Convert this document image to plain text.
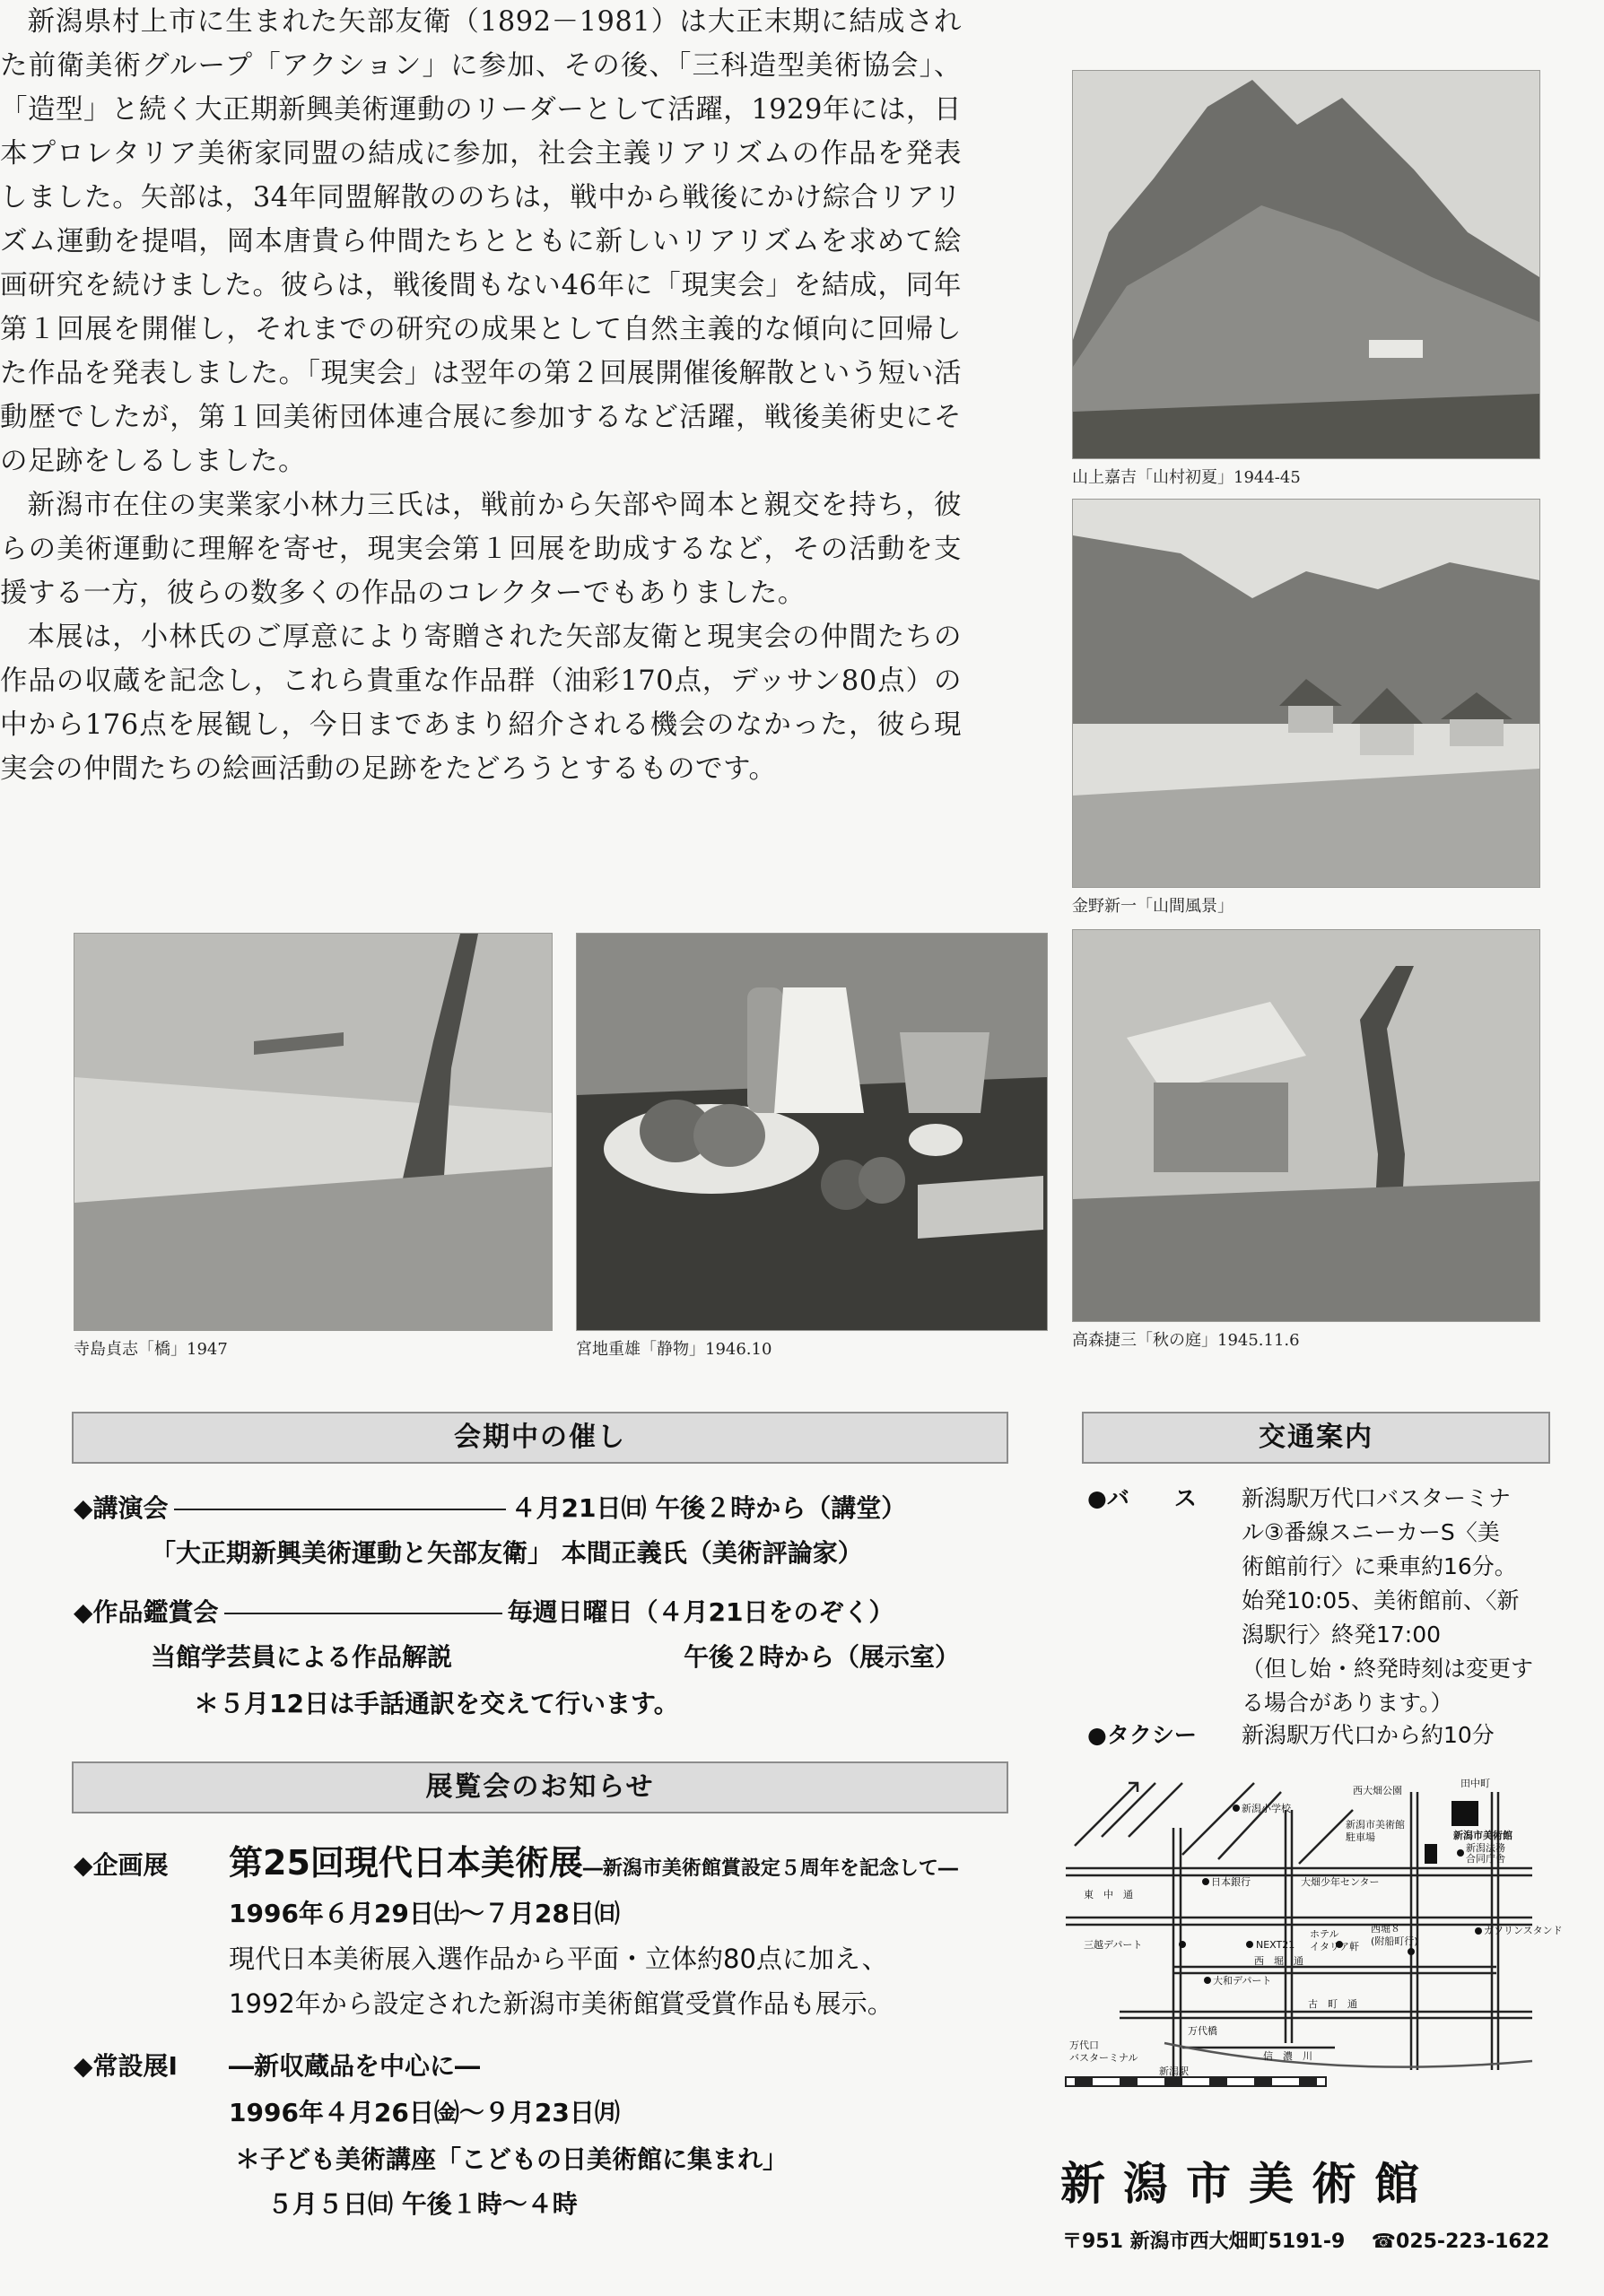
新潟県村上市に生まれた矢部友衛（1892－1981）は大正末期に結成された前衛美術グループ「アクション」に参加、その後、「三科造型美術協会」、「造型」と続く大正期新興美術運動のリーダーとして活躍，1929年には，日本プロレタリア美術家同盟の結成に参加，社会主義リアリズムの作品を発表しました。矢部は，34年同盟解散ののちは，戦中から戦後にかけ綜合リアリズム運動を提唱，岡本唐貴ら仲間たちとともに新しいリアリズムを求めて絵画研究を続けました。彼らは，戦後間もない46年に「現実会」を結成，同年第１回展を開催し，それまでの研究の成果として自然主義的な傾向に回帰した作品を発表しました。「現実会」は翌年の第２回展開催後解散という短い活動歴でしたが，第１回美術団体連合展に参加するなど活躍，戦後美術史にその足跡をしるしました。

新潟市在住の実業家小林力三氏は，戦前から矢部や岡本と親交を持ち，彼らの美術運動に理解を寄せ，現実会第１回展を助成するなど，その活動を支援する一方，彼らの数多くの作品のコレクターでもありました。

本展は，小林氏のご厚意により寄贈された矢部友衛と現実会の仲間たちの作品の収蔵を記念し，これら貴重な作品群（油彩170点，デッサン80点）の中から176点を展観し，今日まであまり紹介される機会のなかった，彼ら現実会の仲間たちの絵画活動の足跡をたどろうとするものです。

山上嘉吉「山村初夏」1944-45
金野新一「山間風景」
寺島貞志「橋」1947	宮地重雄「静物」1946.10	高森捷三「秋の庭」1945.11.6
会期中の催し
◆講演会	４月21日㈰ 午後２時から（講堂）
「大正期新興美術運動と矢部友衛」 本間正義氏（美術評論家）
◆作品鑑賞会	毎週日曜日（４月21日をのぞく）
当館学芸員による作品解説	午後２時から（展示室）
＊５月12日は手話通訳を交えて行います。
展覧会のお知らせ
◆企画展 第25回現代日本美術展―新潟市美術館賞設定５周年を記念して―
1996年６月29日㈯～７月28日㈰
現代日本美術展入選作品から平面・立体約80点に加え、
1992年から設定された新潟市美術館賞受賞作品も展示。
◆常設展Ⅰ ―新収蔵品を中心に―
1996年４月26日㈮～９月23日㈪
＊子ども美術講座「こどもの日美術館に集まれ」
５月５日㈰ 午後１時～４時
交通案内
●バ　　ス 新潟駅万代口バスターミナ
ル③番線スニーカーS〈美
術館前行〉に乗車約16分。
始発10:05、美術館前、〈新
潟駅行〉終発17:00
（但し始・終発時刻は変更す
る場合があります。）
●タクシー 新潟駅万代口から約10分
田中町
西大畑公園
新潟小学校
新潟市美術館
駐車場	新潟市美術館
新潟法務
合同庁舎
日本銀行	大畑少年センター
東　中　通
三越デパート	NEXT21
ホテル
イタリア軒
西堀８
(附船町行)
ガソリンスタンド
西　堀　通
大和デパート
古　町　通
万代橋
信　濃　川
万代口
バスターミナル
新潟駅
新潟市美術館
〒951 新潟市西大畑町5191-9 ☎025-223-1622
